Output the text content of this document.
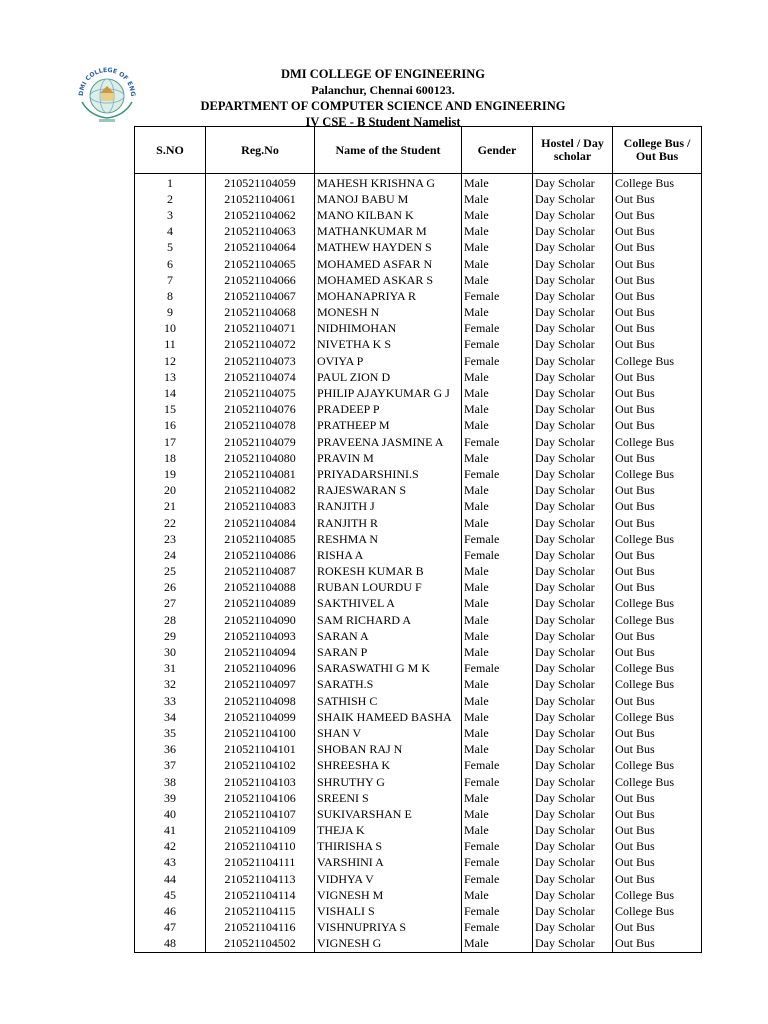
DMI COLLEGE OF ENG
DMI COLLEGE OF ENGINEERING
Palanchur, Chennai 600123.
DEPARTMENT OF COMPUTER SCIENCE AND ENGINEERING
IV CSE - B Student Namelist
S.NO	Reg.No	Name of the Student	Gender	Hostel / Day scholar	College Bus / Out Bus
1	210521104059	MAHESH KRISHNA G	Male	Day Scholar	College Bus
2	210521104061	MANOJ BABU M	Male	Day Scholar	Out Bus
3	210521104062	MANO KILBAN K	Male	Day Scholar	Out Bus
4	210521104063	MATHANKUMAR M	Male	Day Scholar	Out Bus
5	210521104064	MATHEW HAYDEN S	Male	Day Scholar	Out Bus
6	210521104065	MOHAMED ASFAR N	Male	Day Scholar	Out Bus
7	210521104066	MOHAMED ASKAR S	Male	Day Scholar	Out Bus
8	210521104067	MOHANAPRIYA R	Female	Day Scholar	Out Bus
9	210521104068	MONESH N	Male	Day Scholar	Out Bus
10	210521104071	NIDHIMOHAN	Female	Day Scholar	Out Bus
11	210521104072	NIVETHA K S	Female	Day Scholar	Out Bus
12	210521104073	OVIYA P	Female	Day Scholar	College Bus
13	210521104074	PAUL ZION D	Male	Day Scholar	Out Bus
14	210521104075	PHILIP AJAYKUMAR G J	Male	Day Scholar	Out Bus
15	210521104076	PRADEEP P	Male	Day Scholar	Out Bus
16	210521104078	PRATHEEP M	Male	Day Scholar	Out Bus
17	210521104079	PRAVEENA JASMINE A	Female	Day Scholar	College Bus
18	210521104080	PRAVIN M	Male	Day Scholar	Out Bus
19	210521104081	PRIYADARSHINI.S	Female	Day Scholar	College Bus
20	210521104082	RAJESWARAN S	Male	Day Scholar	Out Bus
21	210521104083	RANJITH J	Male	Day Scholar	Out Bus
22	210521104084	RANJITH R	Male	Day Scholar	Out Bus
23	210521104085	RESHMA N	Female	Day Scholar	College Bus
24	210521104086	RISHA A	Female	Day Scholar	Out Bus
25	210521104087	ROKESH KUMAR B	Male	Day Scholar	Out Bus
26	210521104088	RUBAN LOURDU F	Male	Day Scholar	Out Bus
27	210521104089	SAKTHIVEL A	Male	Day Scholar	College Bus
28	210521104090	SAM RICHARD A	Male	Day Scholar	College Bus
29	210521104093	SARAN A	Male	Day Scholar	Out Bus
30	210521104094	SARAN P	Male	Day Scholar	Out Bus
31	210521104096	SARASWATHI G M K	Female	Day Scholar	College Bus
32	210521104097	SARATH.S	Male	Day Scholar	College Bus
33	210521104098	SATHISH C	Male	Day Scholar	Out Bus
34	210521104099	SHAIK HAMEED BASHA	Male	Day Scholar	College Bus
35	210521104100	SHAN V	Male	Day Scholar	Out Bus
36	210521104101	SHOBAN RAJ N	Male	Day Scholar	Out Bus
37	210521104102	SHREESHA K	Female	Day Scholar	College Bus
38	210521104103	SHRUTHY G	Female	Day Scholar	College Bus
39	210521104106	SREENI S	Male	Day Scholar	Out Bus
40	210521104107	SUKIVARSHAN E	Male	Day Scholar	Out Bus
41	210521104109	THEJA K	Male	Day Scholar	Out Bus
42	210521104110	THIRISHA S	Female	Day Scholar	Out Bus
43	210521104111	VARSHINI A	Female	Day Scholar	Out Bus
44	210521104113	VIDHYA V	Female	Day Scholar	Out Bus
45	210521104114	VIGNESH M	Male	Day Scholar	College Bus
46	210521104115	VISHALI S	Female	Day Scholar	College Bus
47	210521104116	VISHNUPRIYA S	Female	Day Scholar	Out Bus
48	210521104502	VIGNESH G	Male	Day Scholar	Out Bus
